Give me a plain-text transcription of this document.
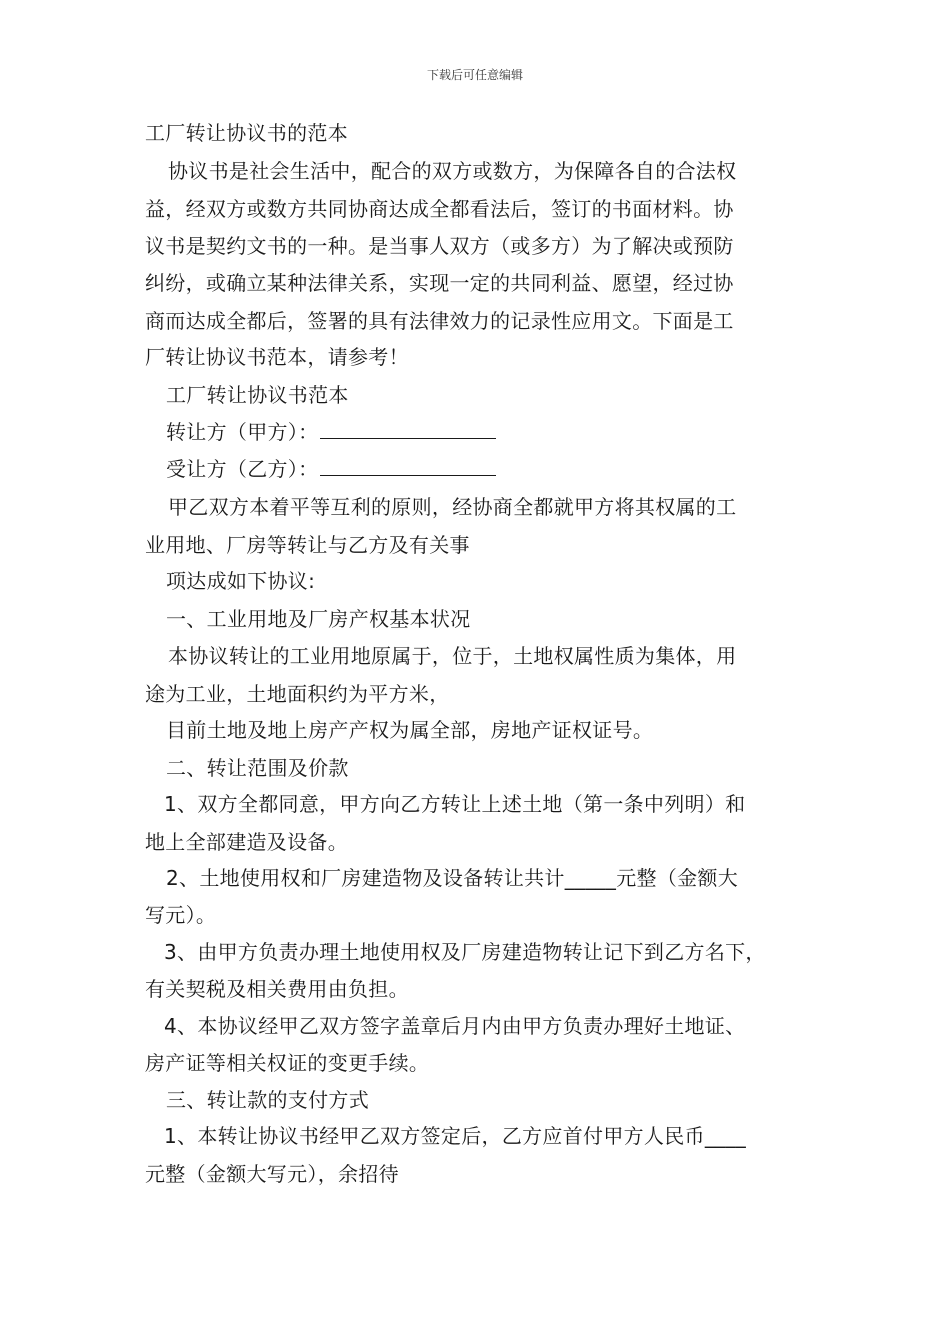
下载后可任意编辑
工厂转让协议书的范本
协议书是社会生活中，配合的双方或数方，为保障各自的合法权
益，经双方或数方共同协商达成全都看法后，签订的书面材料。协
议书是契约文书的一种。是当事人双方（或多方）为了解决或预防
纠纷，或确立某种法律关系，实现一定的共同利益、愿望，经过协
商而达成全都后，签署的具有法律效力的记录性应用文。下面是工
厂转让协议书范本，请参考！
工厂转让协议书范本
转让方（甲方）：
受让方（乙方）：
甲乙双方本着平等互利的原则，经协商全都就甲方将其权属的工
业用地、厂房等转让与乙方及有关事
项达成如下协议:
一、工业用地及厂房产权基本状况
本协议转让的工业用地原属于，位于，土地权属性质为集体，用
途为工业，土地面积约为平方米，
目前土地及地上房产产权为属全部，房地产证权证号。
二、转让范围及价款
1、双方全都同意，甲方向乙方转让上述土地（第一条中列明）和
地上全部建造及设备。
2、土地使用权和厂房建造物及设备转让共计_____元整（金额大
写元）。
3、由甲方负责办理土地使用权及厂房建造物转让记下到乙方名下，
有关契税及相关费用由负担。
4、本协议经甲乙双方签字盖章后月内由甲方负责办理好土地证、
房产证等相关权证的变更手续。
三、转让款的支付方式
1、本转让协议书经甲乙双方签定后，乙方应首付甲方人民币____
元整（金额大写元），余招待
